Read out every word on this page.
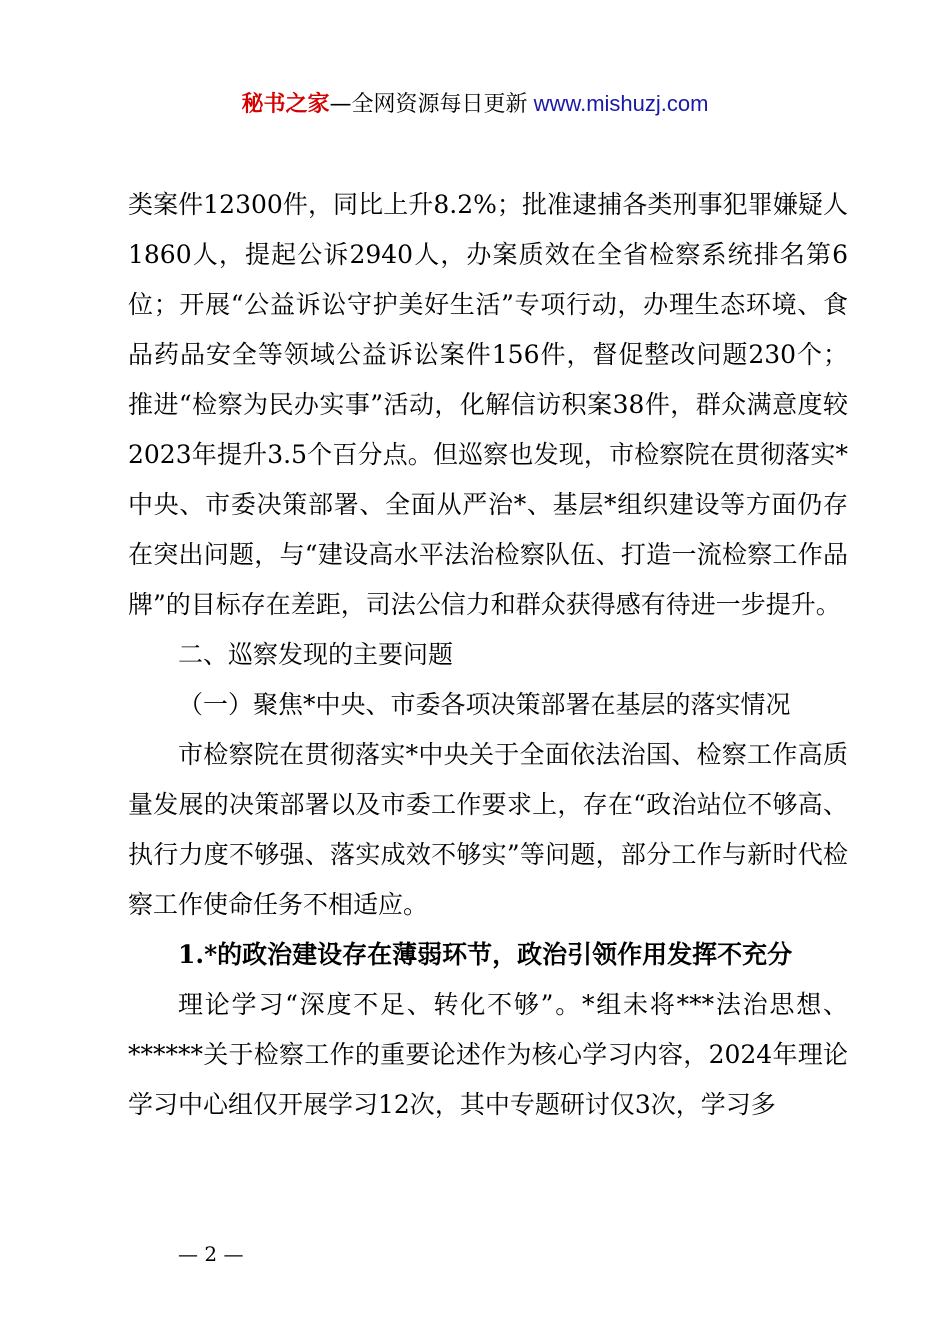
秘书之家—全网资源每日更新 www.mishuzj.com

类案件12300件，同比上升8.2%；批准逮捕各类刑事犯罪嫌疑人1860人，提起公诉2940人，办案质效在全省检察系统排名第6位；开展“公益诉讼守护美好生活”专项行动，办理生态环境、食品药品安全等领域公益诉讼案件156件，督促整改问题230个；推进“检察为民办实事”活动，化解信访积案38件，群众满意度较2023年提升3.5个百分点。但巡察也发现，市检察院在贯彻落实*中央、市委决策部署、全面从严治*、基层*组织建设等方面仍存在突出问题，与“建设高水平法治检察队伍、打造一流检察工作品牌”的目标存在差距，司法公信力和群众获得感有待进一步提升。

二、巡察发现的主要问题

（一）聚焦*中央、市委各项决策部署在基层的落实情况

市检察院在贯彻落实*中央关于全面依法治国、检察工作高质量发展的决策部署以及市委工作要求上，存在“政治站位不够高、执行力度不够强、落实成效不够实”等问题，部分工作与新时代检察工作使命任务不相适应。

1.*的政治建设存在薄弱环节，政治引领作用发挥不充分

理论学习“深度不足、转化不够”。*组未将***法治思想、******关于检察工作的重要论述作为核心学习内容，2024年理论学习中心组仅开展学习12次，其中专题研讨仅3次，学习多

— 2 —
